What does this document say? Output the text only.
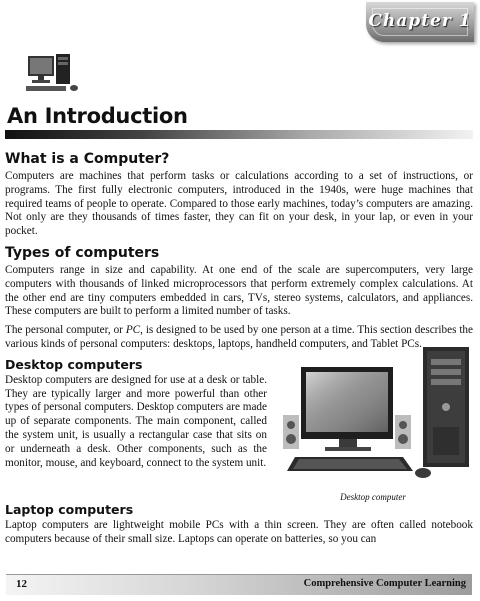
Chapter 1
An Introduction
What is a Computer?

Computers are machines that perform tasks or calculations according to a set of instructions, or programs. The first fully electronic computers, introduced in the 1940s, were huge machines that required teams of people to operate. Compared to those early machines, today’s computers are amazing. Not only are they thousands of times faster, they can fit on your desk, in your lap, or even in your pocket.

Types of computers

Computers range in size and capability. At one end of the scale are supercomputers, very large computers with thousands of linked microprocessors that perform extremely complex calculations. At the other end are tiny computers embedded in cars, TVs, stereo systems, calculators, and appliances. These computers are built to perform a limited number of tasks.

The personal computer, or PC, is designed to be used by one person at a time. This section describes the various kinds of personal computers: desktops, laptops, handheld computers, and Tablet PCs.

Desktop computers

Desktop computers are designed for use at a desk or table. They are typically larger and more powerful than other types of personal computers. Desktop computers are made up of separate components. The main component, called the system unit, is usually a rectangular case that sits on or underneath a desk. Other components, such as the monitor, mouse, and keyboard, connect to the system unit.

Desktop computer
Laptop computers

Laptop computers are lightweight mobile PCs with a thin screen. They are often called notebook computers because of their small size. Laptops can operate on batteries, so you can

12	Comprehensive Computer Learning
